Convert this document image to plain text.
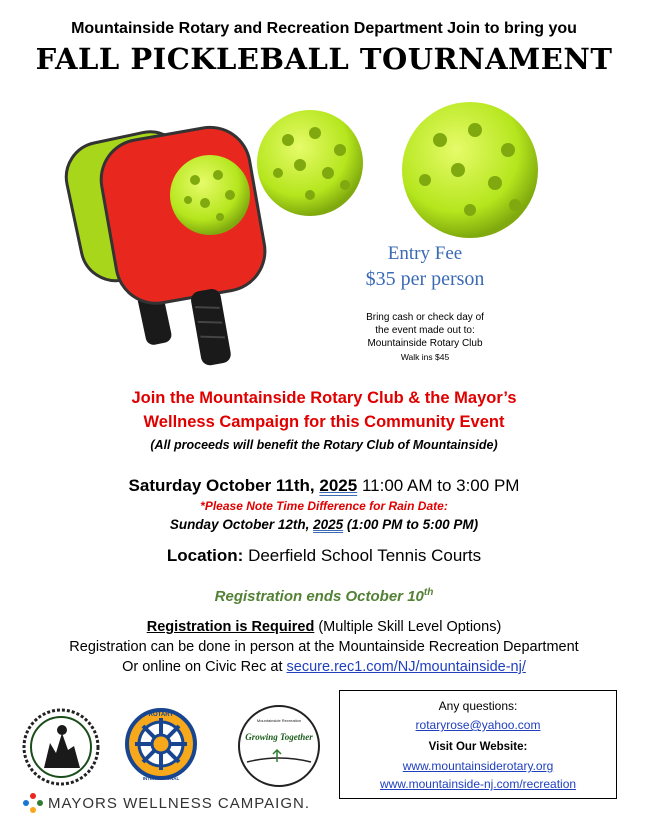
Mountainside Rotary and Recreation Department Join to bring you
FALL PICKLEBALL TOURNAMENT
Entry Fee
$35 per person
Bring cash or check day of
the event made out to:
Mountainside Rotary Club
Walk ins $45
Join the Mountainside Rotary Club & the Mayor’s
Wellness Campaign for this Community Event
(All proceeds will benefit the Rotary Club of Mountainside)
Saturday October 11th, 2025 11:00 AM to 3:00 PM
*Please Note Time Difference for Rain Date:
Sunday October 12th, 2025 (1:00 PM to 5:00 PM)
Location: Deerfield School Tennis Courts
Registration ends October 10th
Registration is Required (Multiple Skill Level Options)
Registration can be done in person at the Mountainside Recreation Department
Or online on Civic Rec at secure.rec1.com/NJ/mountainside-nj/
ROTARY
INTERNATIONAL
Mountainside Recreation
Growing Together
MAYORS WELLNESS CAMPAIGN.
Any questions:
rotaryrose@yahoo.com
Visit Our Website:
www.mountainsiderotary.org
www.mountainside-nj.com/recreation
